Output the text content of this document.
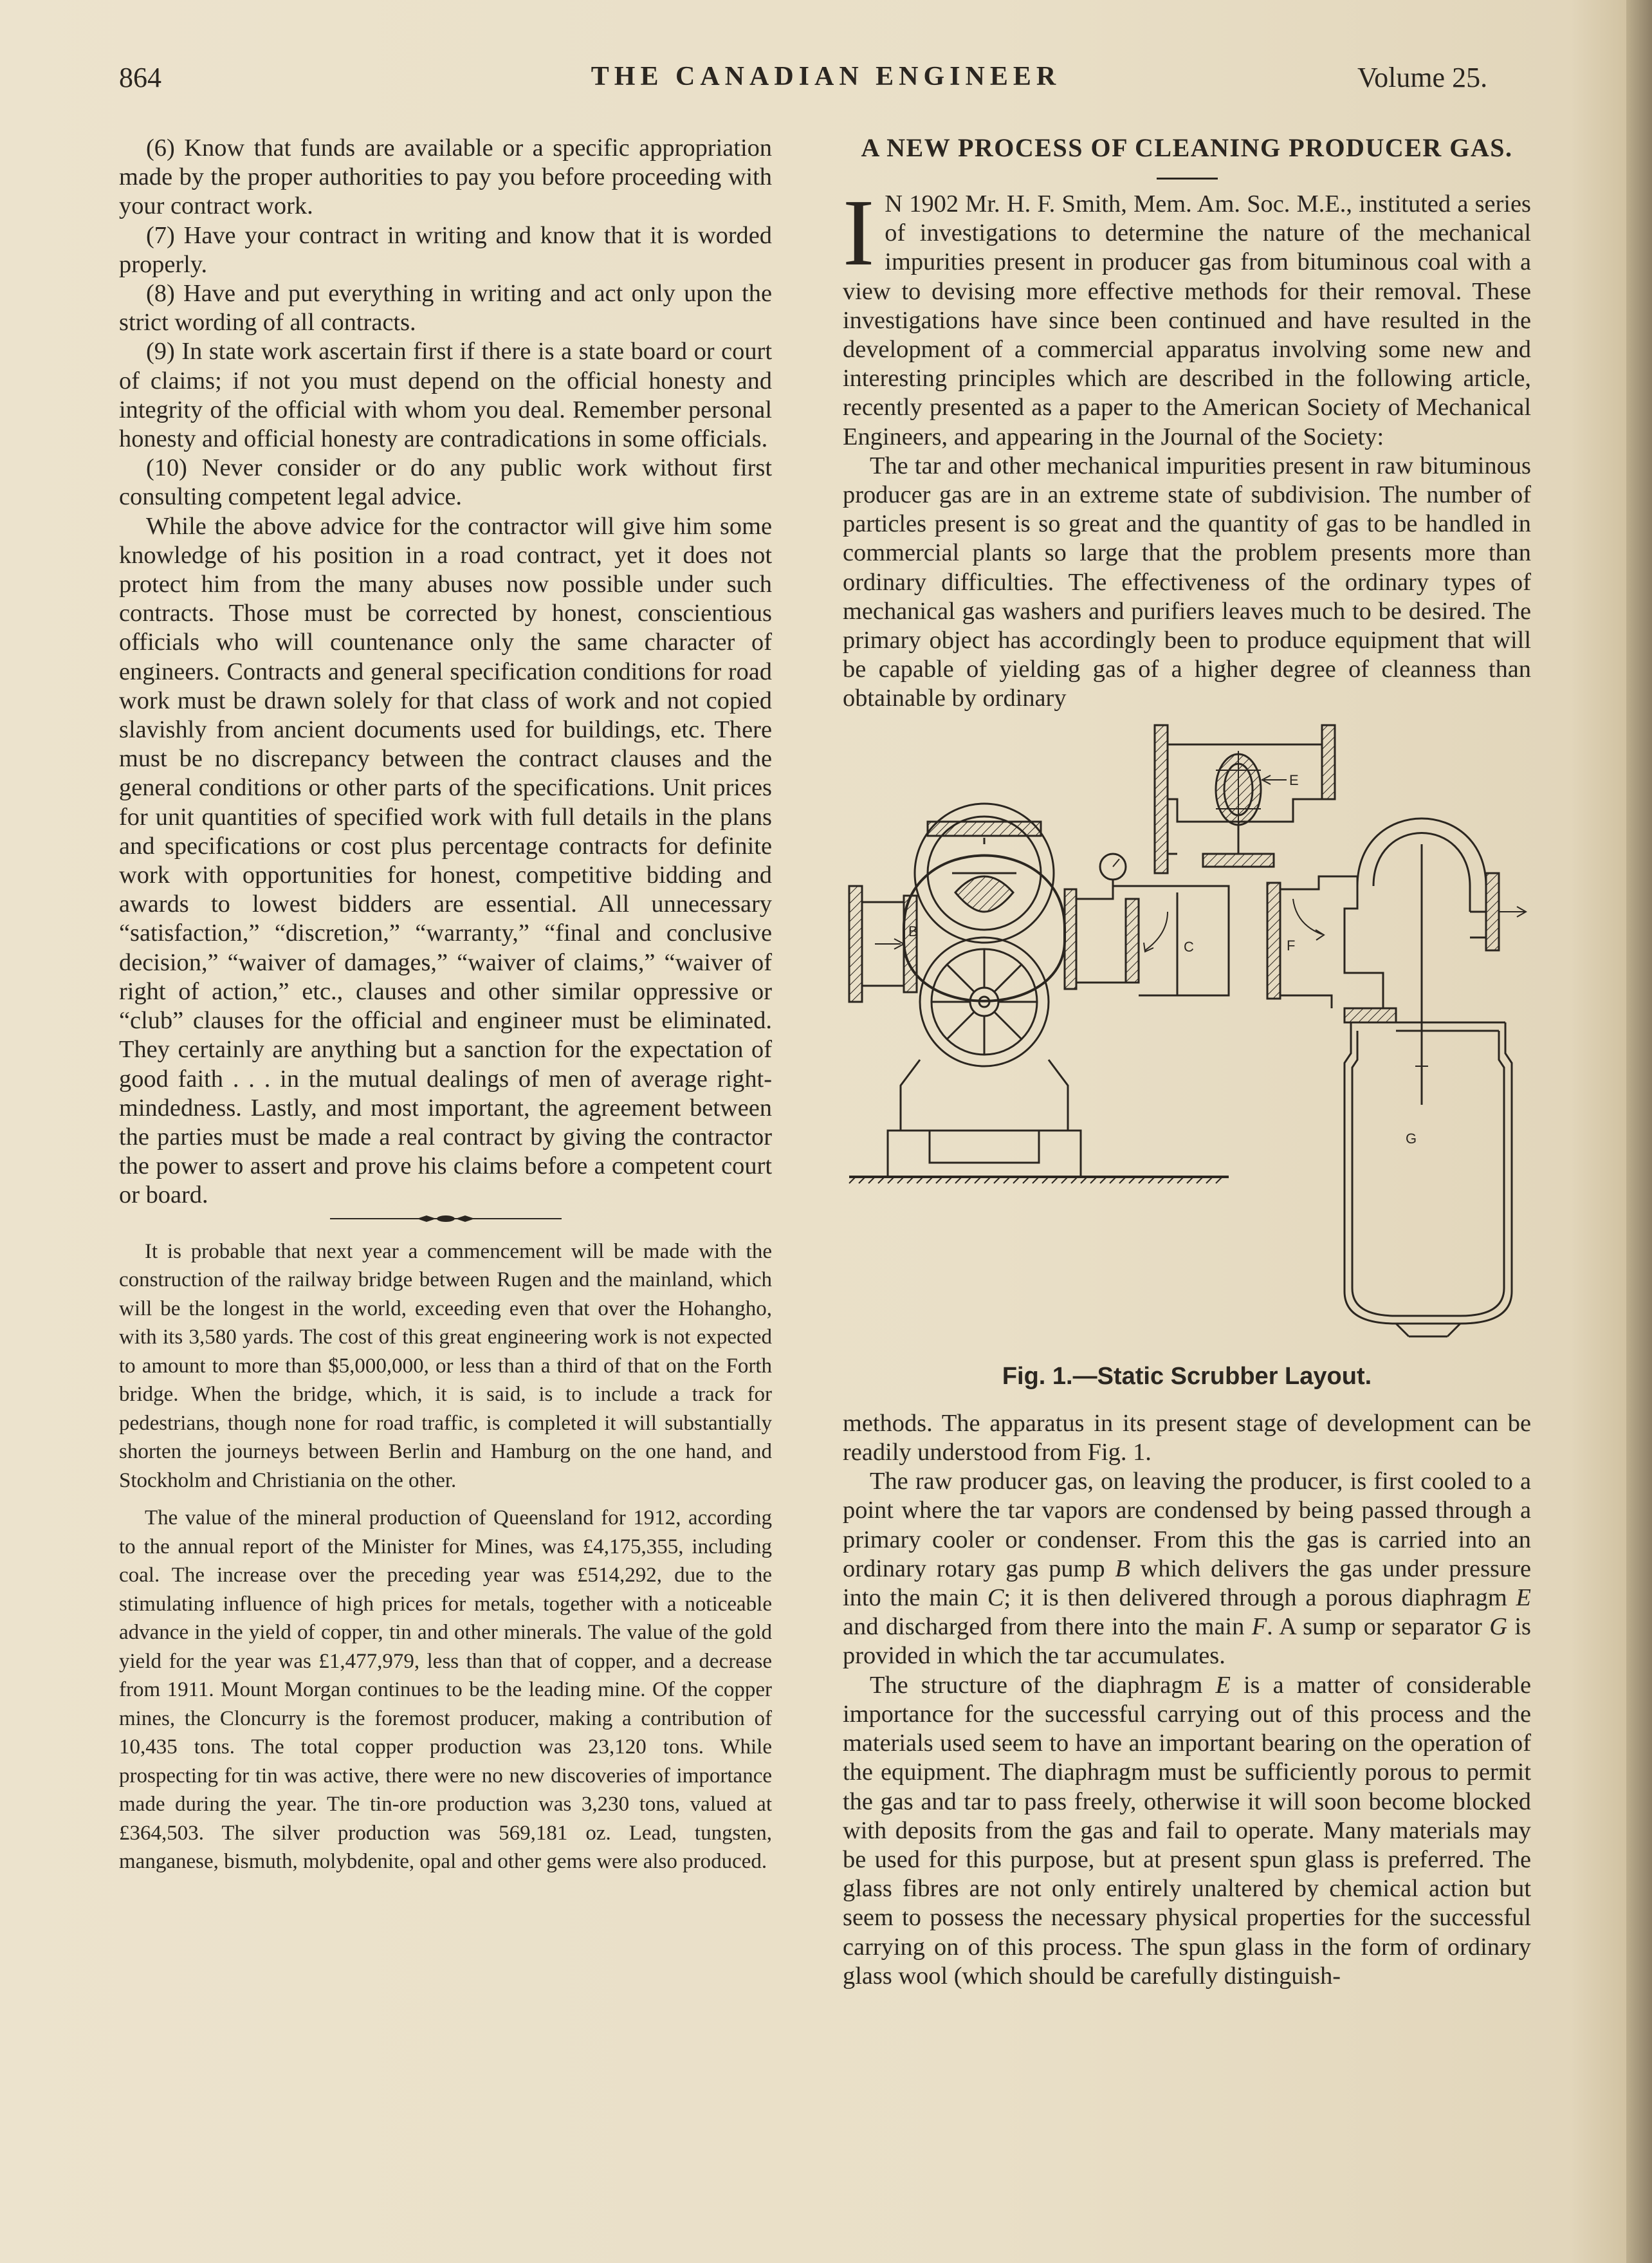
864	THE CANADIAN ENGINEER	Volume 25.

(6) Know that funds are available or a specific appropriation made by the proper authorities to pay you before proceeding with your contract work.

(7) Have your contract in writing and know that it is worded properly.

(8) Have and put everything in writing and act only upon the strict wording of all contracts.

(9) In state work ascertain first if there is a state board or court of claims; if not you must depend on the official honesty and integrity of the official with whom you deal. Remember personal honesty and official honesty are contradications in some officials.

(10) Never consider or do any public work without first consulting competent legal advice.

While the above advice for the contractor will give him some knowledge of his position in a road contract, yet it does not protect him from the many abuses now possible under such contracts. Those must be corrected by honest, conscientious officials who will countenance only the same character of engineers. Contracts and general specification conditions for road work must be drawn solely for that class of work and not copied slavishly from ancient documents used for buildings, etc. There must be no discrepancy between the contract clauses and the general conditions or other parts of the specifications. Unit prices for unit quantities of specified work with full details in the plans and specifications or cost plus percentage contracts for definite work with opportunities for honest, competitive bidding and awards to lowest bidders are essential. All unnecessary “satisfaction,” “discretion,” “warranty,” “final and conclusive decision,” “waiver of damages,” “waiver of claims,” “waiver of right of action,” etc., clauses and other similar oppressive or “club” clauses for the official and engineer must be eliminated. They certainly are anything but a sanction for the expectation of good faith . . . in the mutual dealings of men of average right-mindedness. Lastly, and most important, the agreement between the parties must be made a real contract by giving the contractor the power to assert and prove his claims before a competent court or board.

It is probable that next year a commencement will be made with the construction of the railway bridge between Rugen and the mainland, which will be the longest in the world, exceeding even that over the Hohangho, with its 3,580 yards. The cost of this great engineering work is not expected to amount to more than $5,000,000, or less than a third of that on the Forth bridge. When the bridge, which, it is said, is to include a track for pedestrians, though none for road traffic, is completed it will substantially shorten the journeys between Berlin and Hamburg on the one hand, and Stockholm and Christiania on the other.

The value of the mineral production of Queensland for 1912, according to the annual report of the Minister for Mines, was £4,175,355, including coal. The increase over the preceding year was £514,292, due to the stimulating influence of high prices for metals, together with a noticeable advance in the yield of copper, tin and other minerals. The value of the gold yield for the year was £1,477,979, less than that of copper, and a decrease from 1911. Mount Morgan continues to be the leading mine. Of the copper mines, the Cloncurry is the foremost producer, making a contribution of 10,435 tons. The total copper production was 23,120 tons. While prospecting for tin was active, there were no new discoveries of importance made during the year. The tin-ore production was 3,230 tons, valued at £364,503. The silver production was 569,181 oz. Lead, tungsten, manganese, bismuth, molybdenite, opal and other gems were also produced.

A NEW PROCESS OF CLEANING PRODUCER GAS.
I N 1902 Mr. H. F. Smith, Mem. Am. Soc. M.E., instituted a series of investigations to determine the nature of the mechanical impurities present in producer gas from bituminous coal with a view to devising more effective methods for their removal. These investigations have since been continued and have resulted in the development of a commercial apparatus involving some new and interesting principles which are described in the following article, recently presented as a paper to the American Society of Mechanical Engineers, and appearing in the Journal of the Society:

The tar and other mechanical impurities present in raw bituminous producer gas are in an extreme state of subdivision. The number of particles present is so great and the quantity of gas to be handled in commercial plants so large that the problem presents more than ordinary difficulties. The effectiveness of the ordinary types of mechanical gas washers and purifiers leaves much to be desired. The primary object has accordingly been to produce equipment that will be capable of yielding gas of a higher degree of cleanness than obtainable by ordinary

B
C
E
F
G
Fig. 1.—Static Scrubber Layout.

methods. The apparatus in its present stage of development can be readily understood from Fig. 1.

The raw producer gas, on leaving the producer, is first cooled to a point where the tar vapors are condensed by being passed through a primary cooler or condenser. From this the gas is carried into an ordinary rotary gas pump B which delivers the gas under pressure into the main C; it is then delivered through a porous diaphragm E and discharged from there into the main F. A sump or separator G is provided in which the tar accumulates.

The structure of the diaphragm E is a matter of considerable importance for the successful carrying out of this process and the materials used seem to have an important bearing on the operation of the equipment. The diaphragm must be sufficiently porous to permit the gas and tar to pass freely, otherwise it will soon become blocked with deposits from the gas and fail to operate. Many materials may be used for this purpose, but at present spun glass is preferred. The glass fibres are not only entirely unaltered by chemical action but seem to possess the necessary physical properties for the successful carrying on of this process. The spun glass in the form of ordinary glass wool (which should be carefully distinguish-
